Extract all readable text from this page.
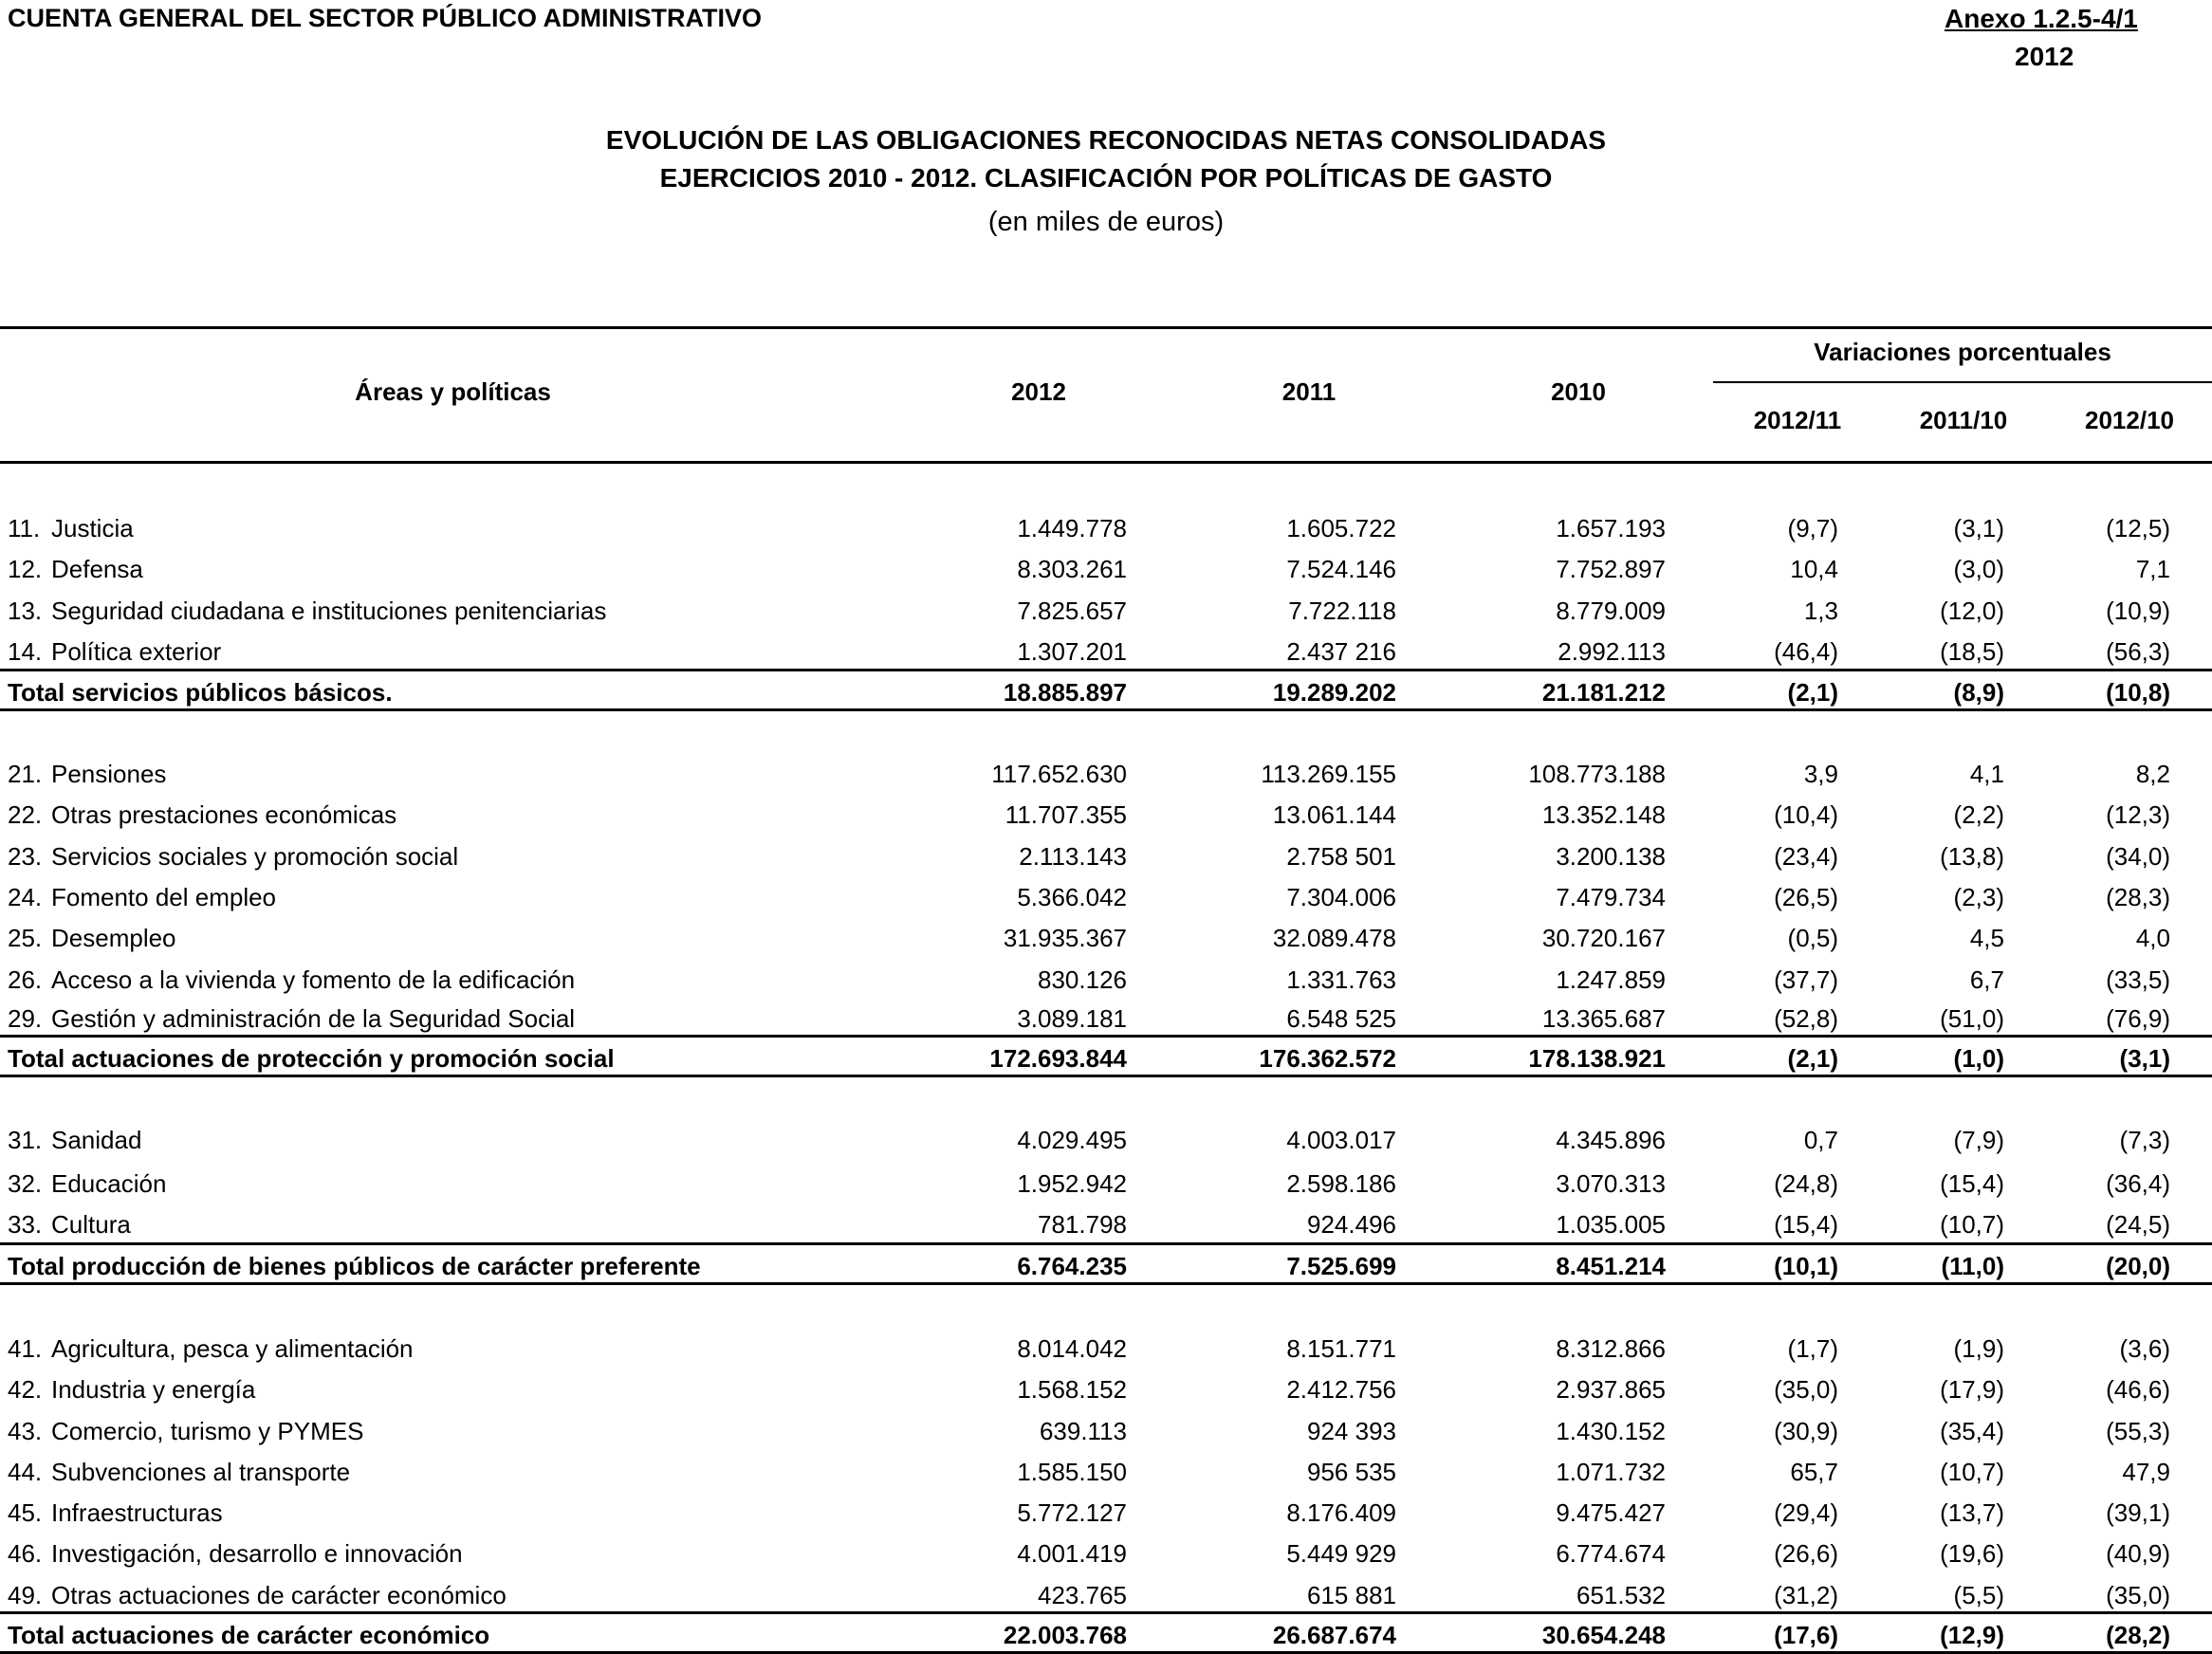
CUENTA GENERAL DEL SECTOR PÚBLICO ADMINISTRATIVO	Anexo 1.2.5-4/1
2012
EVOLUCIÓN DE LAS OBLIGACIONES RECONOCIDAS NETAS CONSOLIDADAS
EJERCICIOS 2010 - 2012. CLASIFICACIÓN POR POLÍTICAS DE GASTO
(en miles de euros)
Áreas y políticas	2012	2011	2010
Variaciones porcentuales
2012/11	2011/10	2012/10
11. Justicia	1.449.778	1.605.722	1.657.193	(9,7)	(3,1)	(12,5)
12. Defensa	8.303.261	7.524.146	7.752.897	10,4	(3,0)	7,1
13. Seguridad ciudadana e instituciones penitenciarias	7.825.657	7.722.118	8.779.009	1,3	(12,0)	(10,9)
14. Política exterior	1.307.201	2.437 216	2.992.113	(46,4)	(18,5)	(56,3)
Total servicios públicos básicos.	18.885.897	19.289.202	21.181.212	(2,1)	(8,9)	(10,8)
21. Pensiones	117.652.630	113.269.155	108.773.188	3,9	4,1	8,2
22. Otras prestaciones económicas	11.707.355	13.061.144	13.352.148	(10,4)	(2,2)	(12,3)
23. Servicios sociales y promoción social	2.113.143	2.758 501	3.200.138	(23,4)	(13,8)	(34,0)
24. Fomento del empleo	5.366.042	7.304.006	7.479.734	(26,5)	(2,3)	(28,3)
25. Desempleo	31.935.367	32.089.478	30.720.167	(0,5)	4,5	4,0
26. Acceso a la vivienda y fomento de la edificación	830.126	1.331.763	1.247.859	(37,7)	6,7	(33,5)
29. Gestión y administración de la Seguridad Social	3.089.181	6.548 525	13.365.687	(52,8)	(51,0)	(76,9)
Total actuaciones de protección y promoción social	172.693.844	176.362.572	178.138.921	(2,1)	(1,0)	(3,1)
31. Sanidad	4.029.495	4.003.017	4.345.896	0,7	(7,9)	(7,3)
32. Educación	1.952.942	2.598.186	3.070.313	(24,8)	(15,4)	(36,4)
33. Cultura	781.798	924.496	1.035.005	(15,4)	(10,7)	(24,5)
Total producción de bienes públicos de carácter preferente	6.764.235	7.525.699	8.451.214	(10,1)	(11,0)	(20,0)
41. Agricultura, pesca y alimentación	8.014.042	8.151.771	8.312.866	(1,7)	(1,9)	(3,6)
42. Industria y energía	1.568.152	2.412.756	2.937.865	(35,0)	(17,9)	(46,6)
43. Comercio, turismo y PYMES	639.113	924 393	1.430.152	(30,9)	(35,4)	(55,3)
44. Subvenciones al transporte	1.585.150	956 535	1.071.732	65,7	(10,7)	47,9
45. Infraestructuras	5.772.127	8.176.409	9.475.427	(29,4)	(13,7)	(39,1)
46. Investigación, desarrollo e innovación	4.001.419	5.449 929	6.774.674	(26,6)	(19,6)	(40,9)
49. Otras actuaciones de carácter económico	423.765	615 881	651.532	(31,2)	(5,5)	(35,0)
Total actuaciones de carácter económico	22.003.768	26.687.674	30.654.248	(17,6)	(12,9)	(28,2)
